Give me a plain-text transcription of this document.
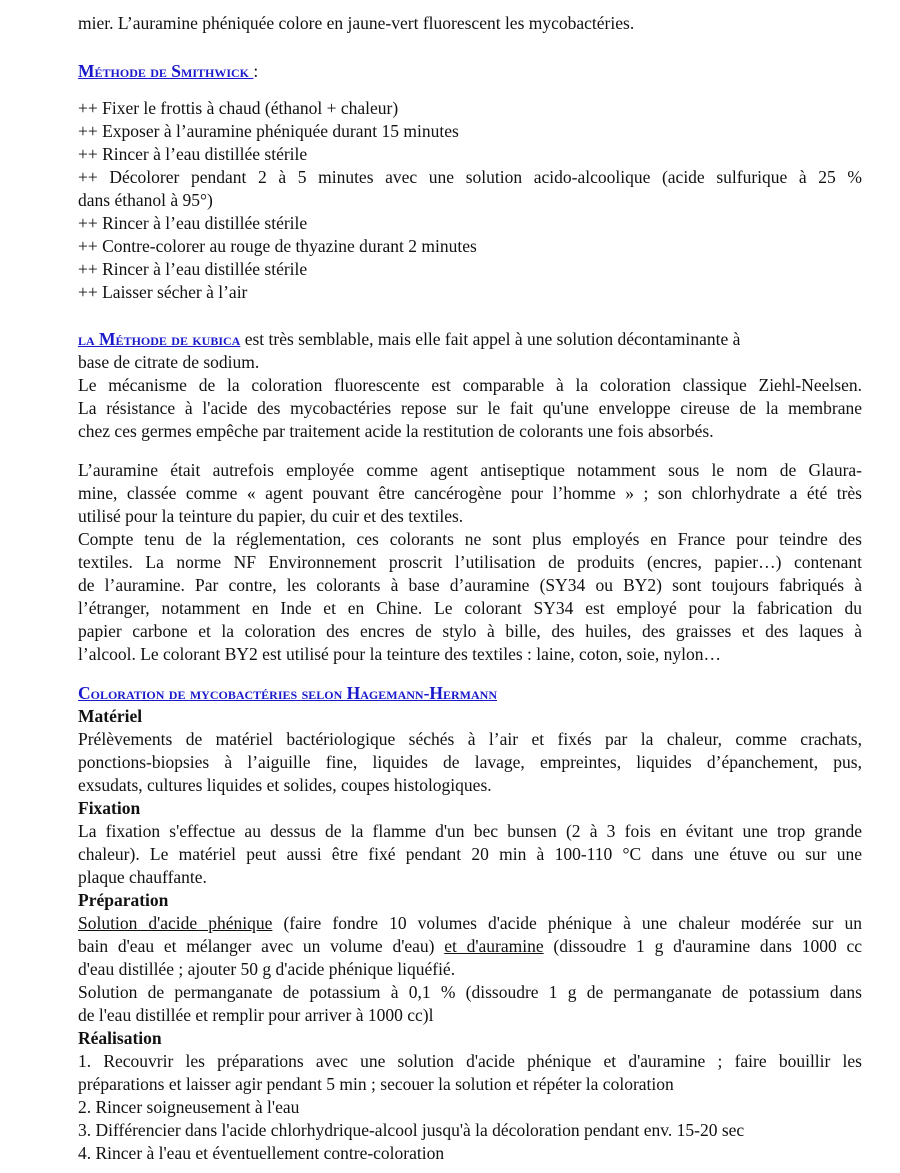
mier. L’auramine phéniquée colore en jaune-vert fluorescent les mycobactéries.
Méthode de Smithwick :
++ Fixer le frottis à chaud (éthanol + chaleur)
++ Exposer à l’auramine phéniquée durant 15 minutes
++ Rincer à l’eau distillée stérile
++ Décolorer pendant 2 à 5 minutes avec une solution acido-alcoolique (acide sulfurique à 25 %
dans éthanol à 95°)
++ Rincer à l’eau distillée stérile
++ Contre-colorer au rouge de thyazine durant 2 minutes
++ Rincer à l’eau distillée stérile
++ Laisser sécher à l’air
la Méthode de kubica est très semblable, mais elle fait appel à une solution décontaminante à
base de citrate de sodium.
Le mécanisme de la coloration fluorescente est comparable à la coloration classique Ziehl-Neelsen.
La résistance à l'acide des mycobactéries repose sur le fait qu'une enveloppe cireuse de la membrane
chez ces germes empêche par traitement acide la restitution de colorants une fois absorbés.
L’auramine était autrefois employée comme agent antiseptique notamment sous le nom de Glaura-
mine, classée comme « agent pouvant être cancérogène pour l’homme » ; son chlorhydrate a été très
utilisé pour la teinture du papier, du cuir et des textiles.
Compte tenu de la réglementation, ces colorants ne sont plus employés en France pour teindre des
textiles. La norme NF Environnement proscrit l’utilisation de produits (encres, papier…) contenant
de l’auramine. Par contre, les colorants à base d’auramine (SY34 ou BY2) sont toujours fabriqués à
l’étranger, notamment en Inde et en Chine. Le colorant SY34 est employé pour la fabrication du
papier carbone et la coloration des encres de stylo à bille, des huiles, des graisses et des laques à
l’alcool. Le colorant BY2 est utilisé pour la teinture des textiles : laine, coton, soie, nylon…
Coloration de mycobactéries selon Hagemann-Hermann
Matériel
Prélèvements de matériel bactériologique séchés à l’air et fixés par la chaleur, comme crachats,
ponctions-biopsies à l’aiguille fine, liquides de lavage, empreintes, liquides d’épanchement, pus,
exsudats, cultures liquides et solides, coupes histologiques.
Fixation
La fixation s'effectue au dessus de la flamme d'un bec bunsen (2 à 3 fois en évitant une trop grande
chaleur). Le matériel peut aussi être fixé pendant 20 min à 100-110 °C dans une étuve ou sur une
plaque chauffante.
Préparation
Solution d'acide phénique (faire fondre 10 volumes d'acide phénique à une chaleur modérée sur un
bain d'eau et mélanger avec un volume d'eau) et d'auramine (dissoudre 1 g d'auramine dans 1000 cc
d'eau distillée ; ajouter 50 g d'acide phénique liquéfié.
Solution de permanganate de potassium à 0,1 % (dissoudre 1 g de permanganate de potassium dans
de l'eau distillée et remplir pour arriver à 1000 cc)l
Réalisation
1. Recouvrir les préparations avec une solution d'acide phénique et d'auramine ; faire bouillir les
préparations et laisser agir pendant 5 min ; secouer la solution et répéter la coloration
2. Rincer soigneusement à l'eau
3. Différencier dans l'acide chlorhydrique-alcool jusqu'à la décoloration pendant env. 15-20 sec
4. Rincer à l'eau et éventuellement contre-coloration
